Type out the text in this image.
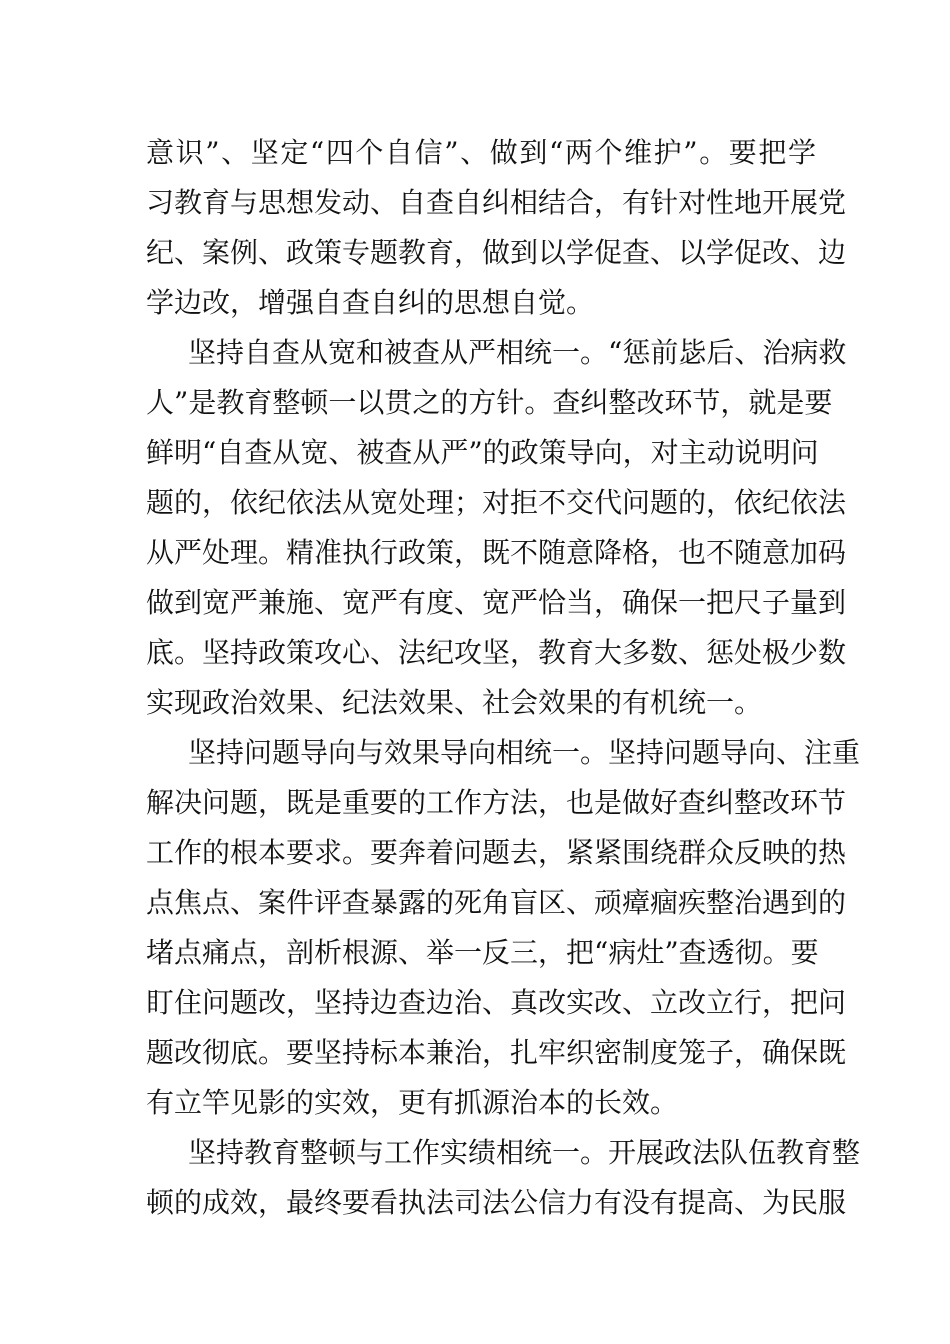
意识”、坚定“四个自信”、做到“两个维护”。要把学
习教育与思想发动、自查自纠相结合，有针对性地开展党
纪、案例、政策专题教育，做到以学促查、以学促改、边
学边改，增强自查自纠的思想自觉。
坚持自查从宽和被查从严相统一。“惩前毖后、治病救
人”是教育整顿一以贯之的方针。查纠整改环节，就是要
鲜明“自查从宽、被查从严”的政策导向，对主动说明问
题的，依纪依法从宽处理；对拒不交代问题的，依纪依法
从严处理。精准执行政策，既不随意降格，也不随意加码
做到宽严兼施、宽严有度、宽严恰当，确保一把尺子量到
底。坚持政策攻心、法纪攻坚，教育大多数、惩处极少数
实现政治效果、纪法效果、社会效果的有机统一。
坚持问题导向与效果导向相统一。坚持问题导向、注重
解决问题，既是重要的工作方法，也是做好查纠整改环节
工作的根本要求。要奔着问题去，紧紧围绕群众反映的热
点焦点、案件评查暴露的死角盲区、顽瘴痼疾整治遇到的
堵点痛点，剖析根源、举一反三，把“病灶”查透彻。要
盯住问题改，坚持边查边治、真改实改、立改立行，把问
题改彻底。要坚持标本兼治，扎牢织密制度笼子，确保既
有立竿见影的实效，更有抓源治本的长效。
坚持教育整顿与工作实绩相统一。开展政法队伍教育整
顿的成效，最终要看执法司法公信力有没有提高、为民服
